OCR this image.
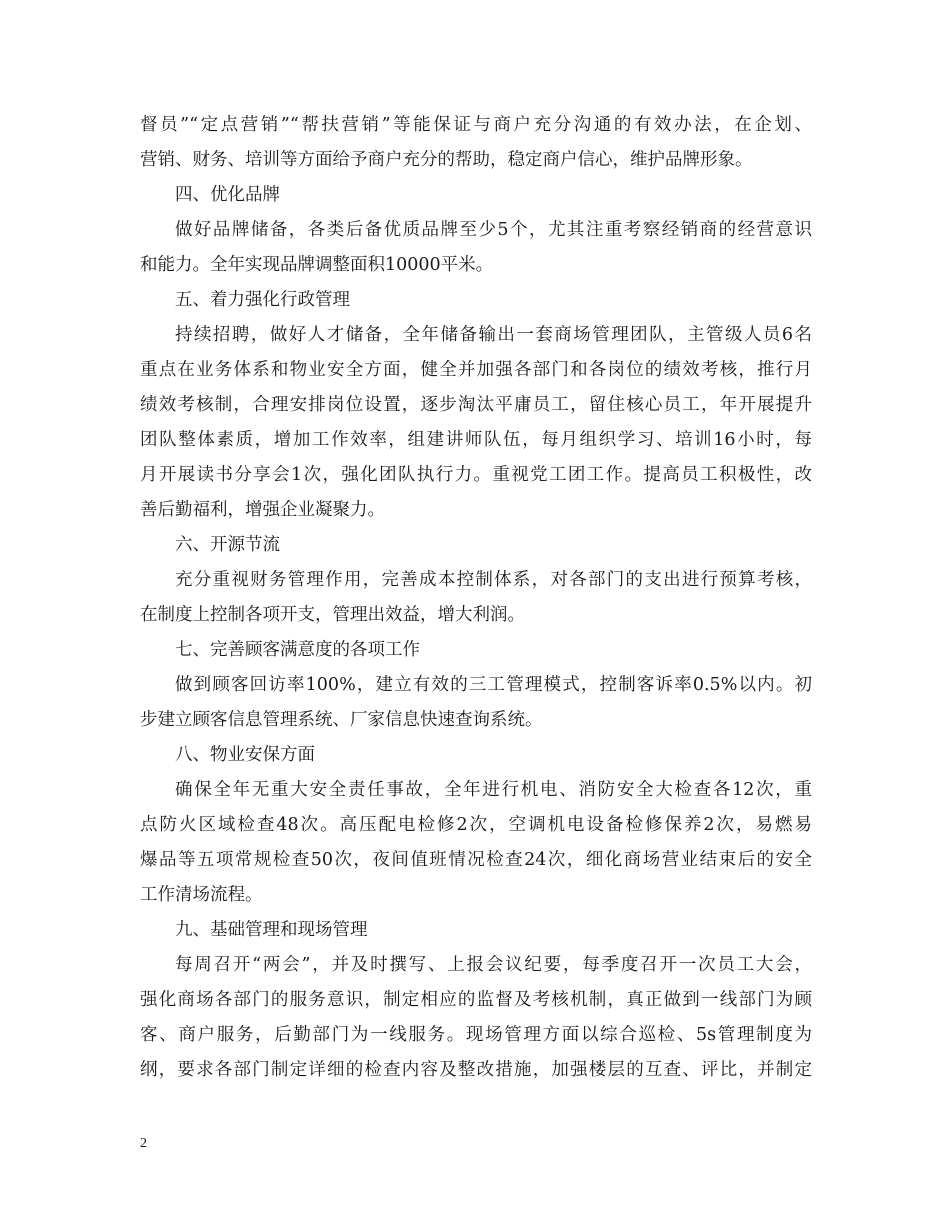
督员”“定点营销”“帮扶营销”等能保证与商户充分沟通的有效办法，在企划、
营销、财务、培训等方面给予商户充分的帮助，稳定商户信心，维护品牌形象。
四、优化品牌
做好品牌储备，各类后备优质品牌至少5个，尤其注重考察经销商的经营意识
和能力。全年实现品牌调整面积10000平米。
五、着力强化行政管理
持续招聘，做好人才储备，全年储备输出一套商场管理团队，主管级人员6名
重点在业务体系和物业安全方面，健全并加强各部门和各岗位的绩效考核，推行月
绩效考核制，合理安排岗位设置，逐步淘汰平庸员工，留住核心员工，年开展提升
团队整体素质，增加工作效率，组建讲师队伍，每月组织学习、培训16小时，每
月开展读书分享会1次，强化团队执行力。重视党工团工作。提高员工积极性，改
善后勤福利，增强企业凝聚力。
六、开源节流
充分重视财务管理作用，完善成本控制体系，对各部门的支出进行预算考核，
在制度上控制各项开支，管理出效益，增大利润。
七、完善顾客满意度的各项工作
做到顾客回访率100%，建立有效的三工管理模式，控制客诉率0.5%以内。初
步建立顾客信息管理系统、厂家信息快速查询系统。
八、物业安保方面
确保全年无重大安全责任事故，全年进行机电、消防安全大检查各12次，重
点防火区域检查48次。高压配电检修2次，空调机电设备检修保养2次，易燃易
爆品等五项常规检查50次，夜间值班情况检查24次，细化商场营业结束后的安全
工作清场流程。
九、基础管理和现场管理
每周召开“两会”，并及时撰写、上报会议纪要，每季度召开一次员工大会，
强化商场各部门的服务意识，制定相应的监督及考核机制，真正做到一线部门为顾
客、商户服务，后勤部门为一线服务。现场管理方面以综合巡检、5s管理制度为
纲，要求各部门制定详细的检查内容及整改措施，加强楼层的互查、评比，并制定
2
